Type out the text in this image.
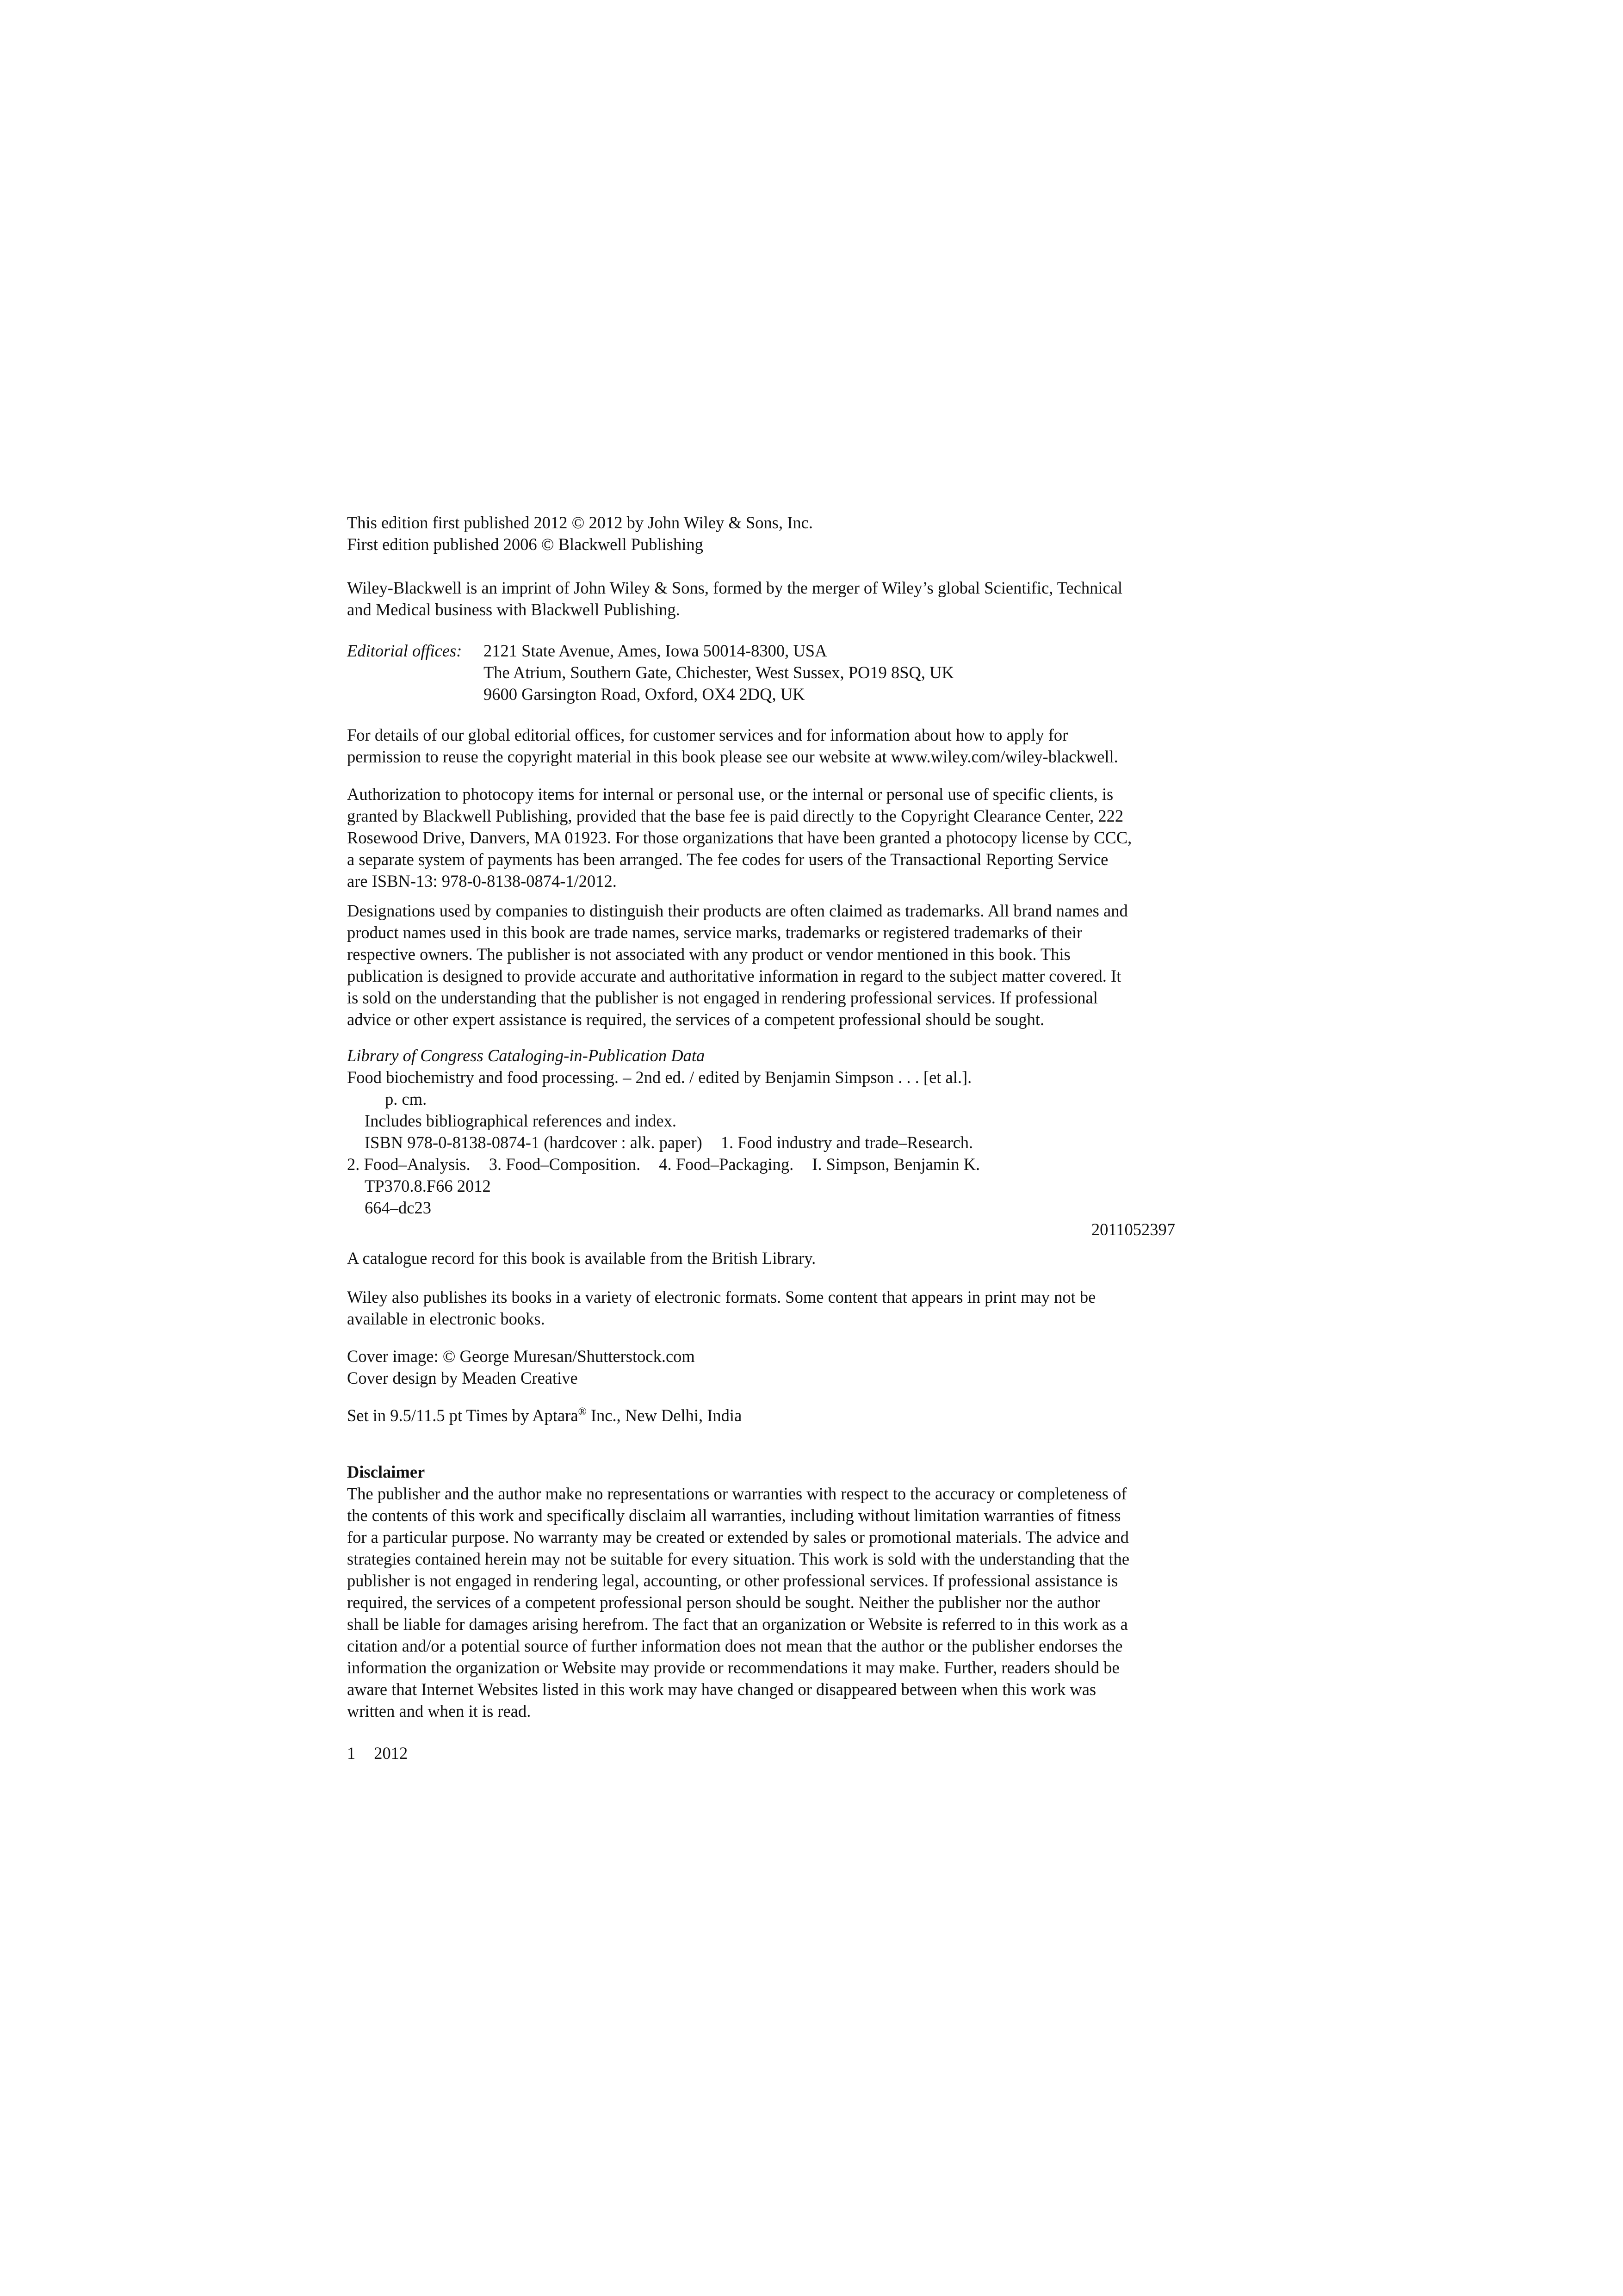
This edition first published 2012 © 2012 by John Wiley & Sons, Inc.
First edition published 2006 © Blackwell Publishing
Wiley-Blackwell is an imprint of John Wiley & Sons, formed by the merger of Wiley’s global Scientific, Technical
and Medical business with Blackwell Publishing.
Editorial offices:	2121 State Avenue, Ames, Iowa 50014-8300, USA
The Atrium, Southern Gate, Chichester, West Sussex, PO19 8SQ, UK
9600 Garsington Road, Oxford, OX4 2DQ, UK
For details of our global editorial offices, for customer services and for information about how to apply for
permission to reuse the copyright material in this book please see our website at www.wiley.com/wiley-blackwell.
Authorization to photocopy items for internal or personal use, or the internal or personal use of specific clients, is
granted by Blackwell Publishing, provided that the base fee is paid directly to the Copyright Clearance Center, 222
Rosewood Drive, Danvers, MA 01923. For those organizations that have been granted a photocopy license by CCC,
a separate system of payments has been arranged. The fee codes for users of the Transactional Reporting Service
are ISBN-13: 978-0-8138-0874-1/2012.
Designations used by companies to distinguish their products are often claimed as trademarks. All brand names and
product names used in this book are trade names, service marks, trademarks or registered trademarks of their
respective owners. The publisher is not associated with any product or vendor mentioned in this book. This
publication is designed to provide accurate and authoritative information in regard to the subject matter covered. It
is sold on the understanding that the publisher is not engaged in rendering professional services. If professional
advice or other expert assistance is required, the services of a competent professional should be sought.
Library of Congress Cataloging-in-Publication Data
Food biochemistry and food processing. – 2nd ed. / edited by Benjamin Simpson . . . [et al.].
p. cm.
Includes bibliographical references and index.
ISBN 978-0-8138-0874-1 (hardcover : alk. paper) 1. Food industry and trade–Research.
2. Food–Analysis. 3. Food–Composition. 4. Food–Packaging. I. Simpson, Benjamin K.
TP370.8.F66 2012
664–dc23
2011052397
A catalogue record for this book is available from the British Library.
Wiley also publishes its books in a variety of electronic formats. Some content that appears in print may not be
available in electronic books.
Cover image: © George Muresan/Shutterstock.com
Cover design by Meaden Creative
Set in 9.5/11.5 pt Times by Aptara® Inc., New Delhi, India
Disclaimer
The publisher and the author make no representations or warranties with respect to the accuracy or completeness of
the contents of this work and specifically disclaim all warranties, including without limitation warranties of fitness
for a particular purpose. No warranty may be created or extended by sales or promotional materials. The advice and
strategies contained herein may not be suitable for every situation. This work is sold with the understanding that the
publisher is not engaged in rendering legal, accounting, or other professional services. If professional assistance is
required, the services of a competent professional person should be sought. Neither the publisher nor the author
shall be liable for damages arising herefrom. The fact that an organization or Website is referred to in this work as a
citation and/or a potential source of further information does not mean that the author or the publisher endorses the
information the organization or Website may provide or recommendations it may make. Further, readers should be
aware that Internet Websites listed in this work may have changed or disappeared between when this work was
written and when it is read.
1 2012
